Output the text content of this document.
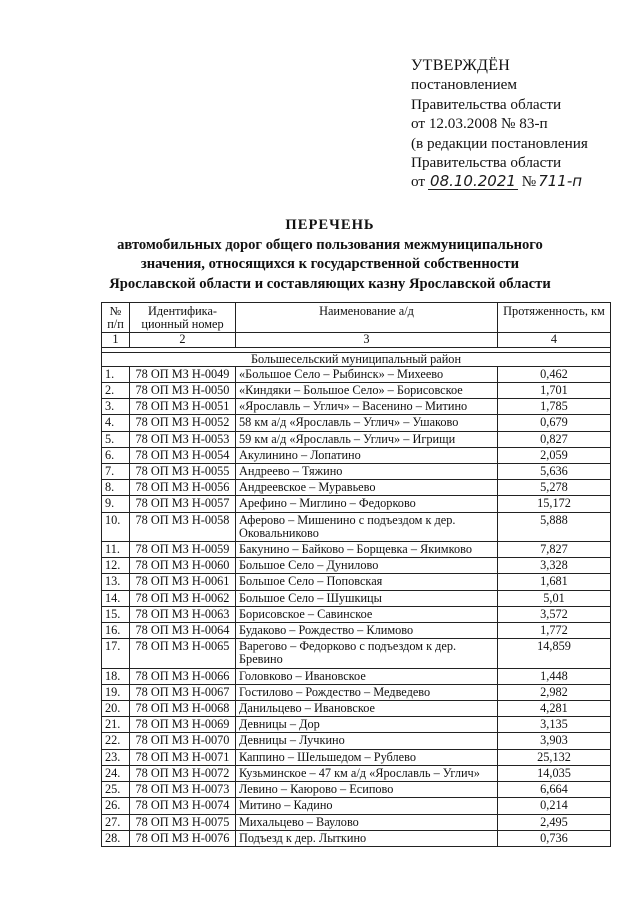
УТВЕРЖДЁН
постановлением
Правительства области
от 12.03.2008 № 83-п
(в редакции постановления
Правительства области
от 08.10.2021 № 711-п
ПЕРЕЧЕНЬ
автомобильных дорог общего пользования межмуниципального
значения, относящихся к государственной собственности
Ярославской области и составляющих казну Ярославской области
№ п/п	Идентифика-ционный номер	Наименование а/д	Протяженность, км
1	2	3	4

Большесельский муниципальный район			
1.	78 ОП МЗ Н-0049	«Большое Село – Рыбинск» – Михеево	0,462
2.	78 ОП МЗ Н-0050	«Киндяки – Большое Село» – Борисовское	1,701
3.	78 ОП МЗ Н-0051	«Ярославль – Углич» – Васенино – Митино	1,785
4.	78 ОП МЗ Н-0052	58 км а/д «Ярославль – Углич» – Ушаково	0,679
5.	78 ОП МЗ Н-0053	59 км а/д «Ярославль – Углич» – Игрищи	0,827
6.	78 ОП МЗ Н-0054	Акулинино – Лопатино	2,059
7.	78 ОП МЗ Н-0055	Андреево – Тяжино	5,636
8.	78 ОП МЗ Н-0056	Андреевское – Муравьево	5,278
9.	78 ОП МЗ Н-0057	Арефино – Миглино – Федорково	15,172
10.	78 ОП МЗ Н-0058	Аферово – Мишенино с подъездом к дер. Оковальниково	5,888
11.	78 ОП МЗ Н-0059	Бакунино – Байково – Борщевка – Якимково	7,827
12.	78 ОП МЗ Н-0060	Большое Село – Дунилово	3,328
13.	78 ОП МЗ Н-0061	Большое Село – Поповская	1,681
14.	78 ОП МЗ Н-0062	Большое Село – Шушкицы	5,01
15.	78 ОП МЗ Н-0063	Борисовское – Савинское	3,572
16.	78 ОП МЗ Н-0064	Будаково – Рождество – Климово	1,772
17.	78 ОП МЗ Н-0065	Варегово – Федорково с подъездом к дер. Бревино	14,859
18.	78 ОП МЗ Н-0066	Головково – Ивановское	1,448
19.	78 ОП МЗ Н-0067	Гостилово – Рождество – Медведево	2,982
20.	78 ОП МЗ Н-0068	Данильцево – Ивановское	4,281
21.	78 ОП МЗ Н-0069	Девницы – Дор	3,135
22.	78 ОП МЗ Н-0070	Девницы – Лучкино	3,903
23.	78 ОП МЗ Н-0071	Каппино – Шельшедом – Рублево	25,132
24.	78 ОП МЗ Н-0072	Кузьминское – 47 км а/д «Ярославль – Углич»	14,035
25.	78 ОП МЗ Н-0073	Левино – Каюрово – Есипово	6,664
26.	78 ОП МЗ Н-0074	Митино – Кадино	0,214
27.	78 ОП МЗ Н-0075	Михальцево – Ваулово	2,495
28.	78 ОП МЗ Н-0076	Подъезд к дер. Лыткино	0,736
